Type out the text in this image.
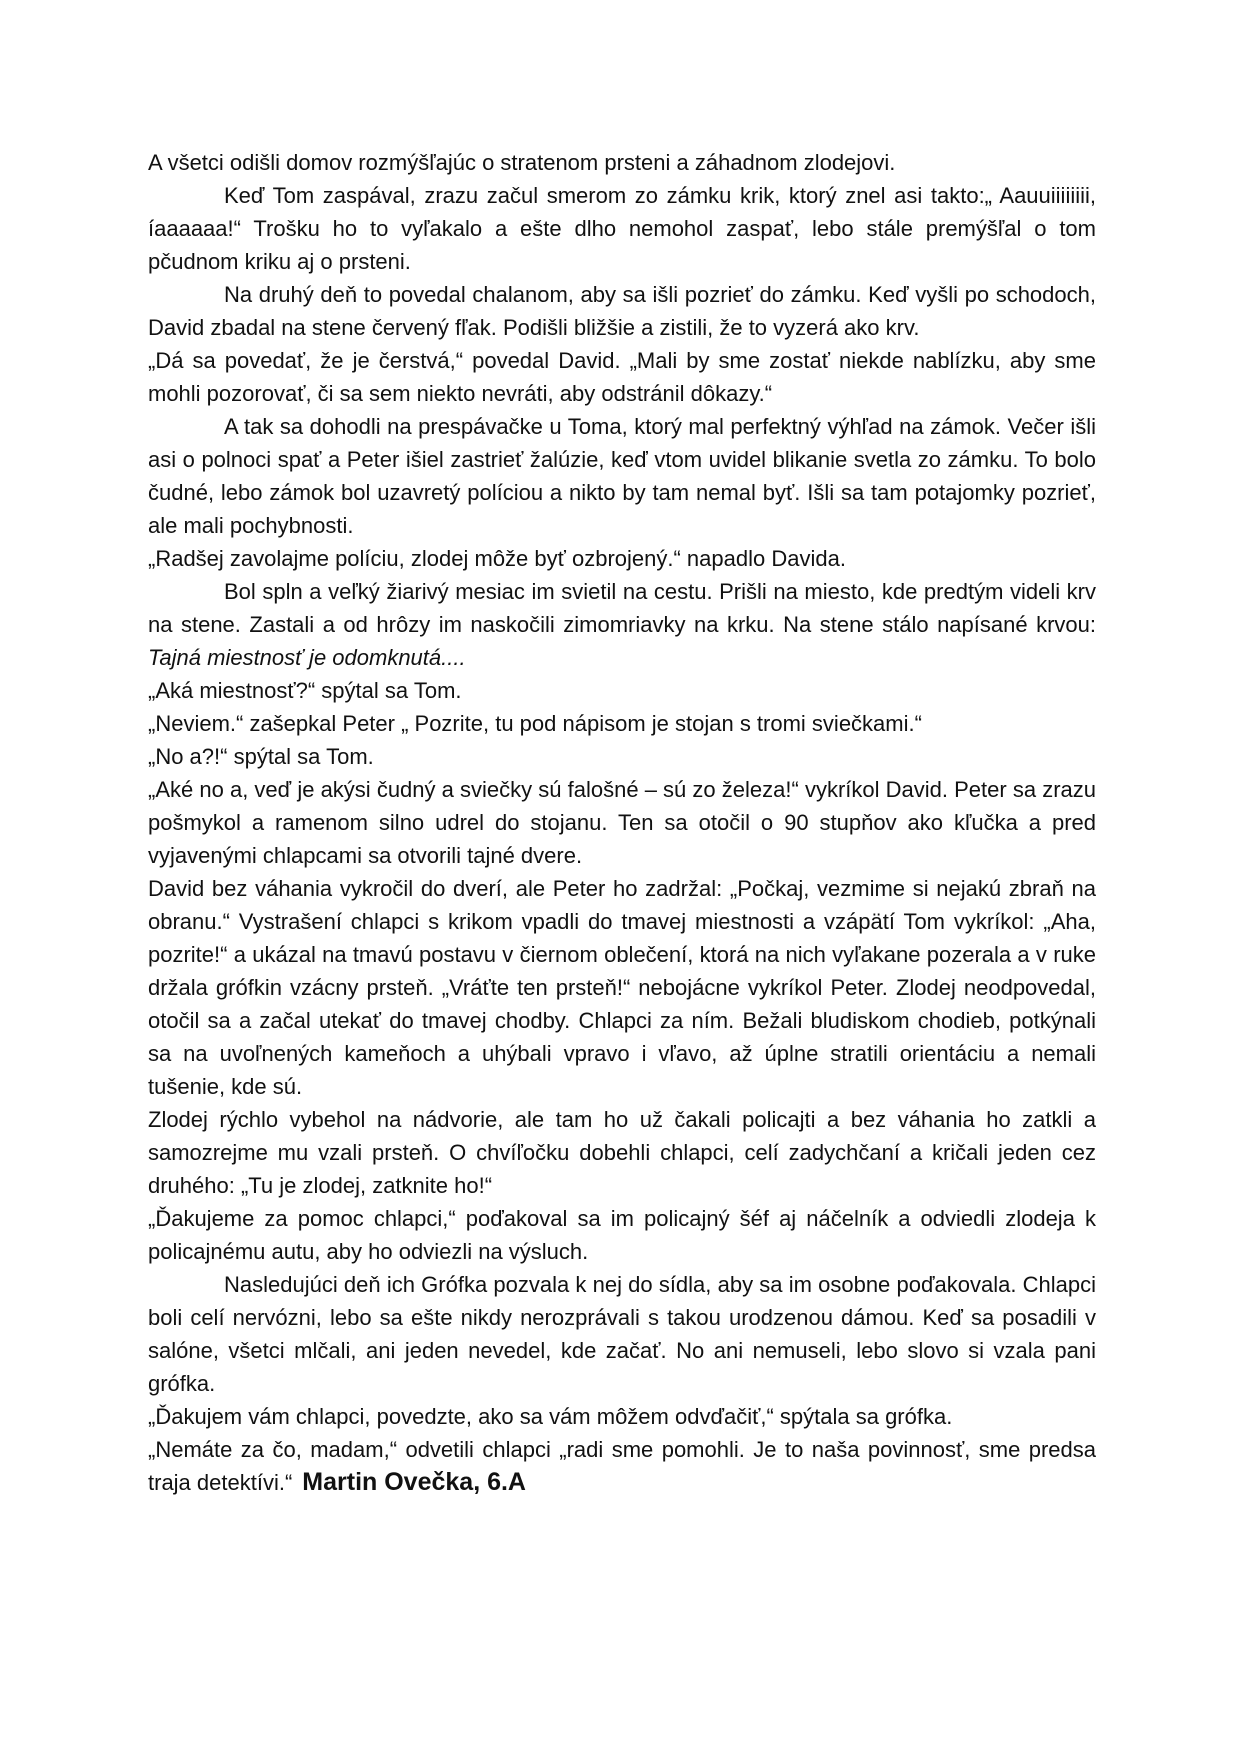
A všetci odišli domov rozmýšľajúc o stratenom prsteni a záhadnom zlodejovi.

Keď Tom zaspával, zrazu začul smerom zo zámku krik, ktorý znel asi takto:„ Aauuiiiiiiii, íaaaaaa!“ Trošku ho to vyľakalo a ešte dlho nemohol zaspať, lebo stále premýšľal o tom pčudnom kriku aj o prsteni.

Na druhý deň to povedal chalanom, aby sa išli pozrieť do zámku. Keď vyšli po schodoch, David zbadal na stene červený fľak. Podišli bližšie a zistili, že to vyzerá ako krv.

„Dá sa povedať, že je čerstvá,“ povedal David. „Mali by sme zostať niekde nablízku, aby sme mohli pozorovať, či sa sem niekto nevráti, aby odstránil dôkazy.“

A tak sa dohodli na prespávačke u Toma, ktorý mal perfektný výhľad na zámok. Večer išli asi o polnoci spať a Peter išiel zastrieť žalúzie, keď vtom uvidel blikanie svetla zo zámku. To bolo čudné, lebo zámok bol uzavretý políciou a nikto by tam nemal byť. Išli sa tam potajomky pozrieť, ale mali pochybnosti.

„Radšej zavolajme políciu, zlodej môže byť ozbrojený.“ napadlo Davida.

Bol spln a veľký žiarivý mesiac im svietil na cestu. Prišli na miesto, kde predtým videli krv na stene. Zastali a od hrôzy im naskočili zimomriavky na krku. Na stene stálo napísané krvou: Tajná miestnosť je odomknutá....

„Aká miestnosť?“ spýtal sa Tom.

„Neviem.“ zašepkal Peter „ Pozrite, tu pod nápisom je stojan s tromi sviečkami.“

„No a?!“ spýtal sa Tom.

„Aké no a, veď je akýsi čudný a sviečky sú falošné – sú zo železa!“ vykríkol David. Peter sa zrazu pošmykol a ramenom silno udrel do stojanu. Ten sa otočil o 90 stupňov ako kľučka a pred vyjavenými chlapcami sa otvorili tajné dvere.

David bez váhania vykročil do dverí, ale Peter ho zadržal: „Počkaj, vezmime si nejakú zbraň na obranu.“ Vystrašení chlapci s krikom vpadli do tmavej miestnosti a vzápätí Tom vykríkol: „Aha, pozrite!“ a ukázal na tmavú postavu v čiernom oblečení, ktorá na nich vyľakane pozerala a v ruke držala grófkin vzácny prsteň. „Vráťte ten prsteň!“ nebojácne vykríkol Peter. Zlodej neodpovedal, otočil sa a začal utekať do tmavej chodby. Chlapci za ním. Bežali bludiskom chodieb, potkýnali sa na uvoľnených kameňoch a uhýbali vpravo i vľavo, až úplne stratili orientáciu a nemali tušenie, kde sú.

Zlodej rýchlo vybehol na nádvorie, ale tam ho už čakali policajti a bez váhania ho zatkli a samozrejme mu vzali prsteň. O chvíľočku dobehli chlapci, celí zadychčaní a kričali jeden cez druhého: „Tu je zlodej, zatknite ho!“

„Ďakujeme za pomoc chlapci,“ poďakoval sa im policajný šéf aj náčelník a odviedli zlodeja k policajnému autu, aby ho odviezli na výsluch.

Nasledujúci deň ich Grófka pozvala k nej do sídla, aby sa im osobne poďakovala. Chlapci boli celí nervózni, lebo sa ešte nikdy nerozprávali s takou urodzenou dámou. Keď sa posadili v salóne, všetci mlčali, ani jeden nevedel, kde začať. No ani nemuseli, lebo slovo si vzala pani grófka.

„Ďakujem vám chlapci, povedzte, ako sa vám môžem odvďačiť,“ spýtala sa grófka.

„Nemáte za čo, madam,“ odvetili chlapci „radi sme pomohli. Je to naša povinnosť, sme predsa traja detektívi.“ Martin Ovečka, 6.A
